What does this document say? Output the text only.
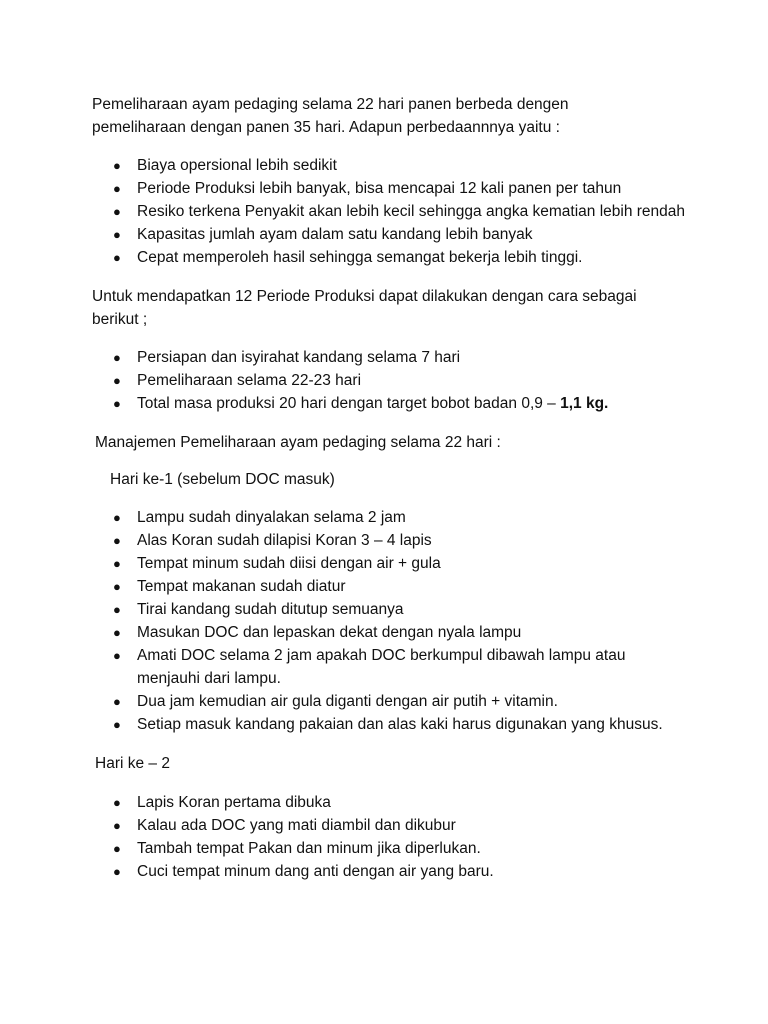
Pemeliharaan ayam pedaging selama 22 hari panen berbeda dengen
pemeliharaan dengan panen 35 hari. Adapun perbedaannnya yaitu :

● Biaya opersional lebih sedikit
● Periode Produksi lebih banyak, bisa mencapai 12 kali panen per tahun
● Resiko terkena Penyakit akan lebih kecil sehingga angka kematian lebih rendah
● Kapasitas jumlah ayam dalam satu kandang lebih banyak
● Cepat memperoleh hasil sehingga semangat bekerja lebih tinggi.

Untuk mendapatkan 12 Periode Produksi dapat dilakukan dengan cara sebagai
berikut ;

● Persiapan dan isyirahat kandang selama 7 hari
● Pemeliharaan selama 22-23 hari
● Total masa produksi 20 hari dengan target bobot badan 0,9 – 1,1 kg.

Manajemen Pemeliharaan ayam pedaging selama 22 hari :

Hari ke-1 (sebelum DOC masuk)

● Lampu sudah dinyalakan selama 2 jam
● Alas Koran sudah dilapisi Koran 3 – 4 lapis
● Tempat minum sudah diisi dengan air + gula
● Tempat makanan sudah diatur
● Tirai kandang sudah ditutup semuanya
● Masukan DOC dan lepaskan dekat dengan nyala lampu
● Amati DOC selama 2 jam apakah DOC berkumpul dibawah lampu atau menjauhi dari lampu.
● Dua jam kemudian air gula diganti dengan air putih + vitamin.
● Setiap masuk kandang pakaian dan alas kaki harus digunakan yang khusus.

Hari ke – 2

● Lapis Koran pertama dibuka
● Kalau ada DOC yang mati diambil dan dikubur
● Tambah tempat Pakan dan minum jika diperlukan.
● Cuci tempat minum dang anti dengan air yang baru.
